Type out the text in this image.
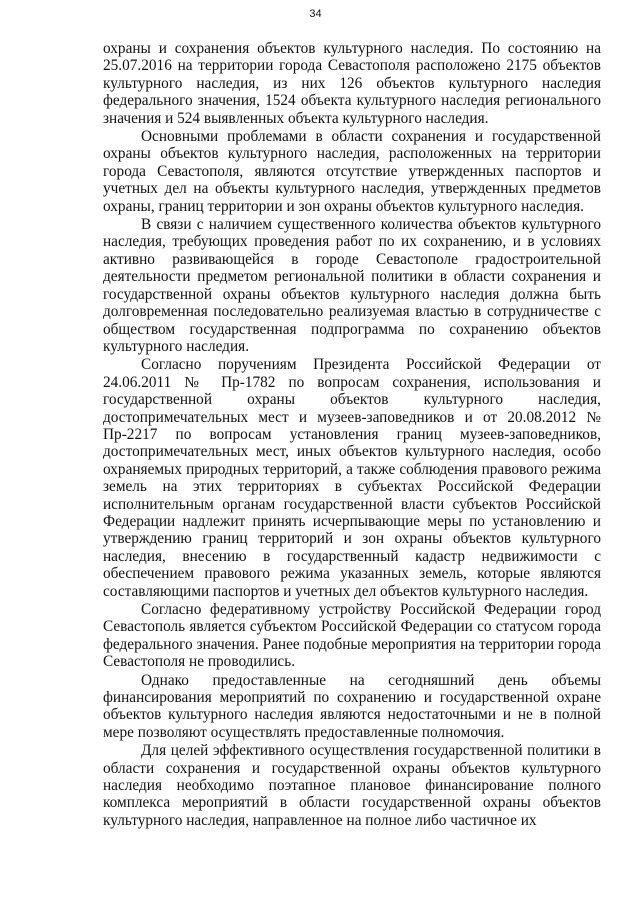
34

охраны и сохранения объектов культурного наследия. По состоянию на 25.07.2016 на территории города Севастополя расположено 2175 объектов культурного наследия, из них 126 объектов культурного наследия федерального значения, 1524 объекта культурного наследия регионального значения и 524 выявленных объекта культурного наследия.

Основными проблемами в области сохранения и государственной охраны объектов культурного наследия, расположенных на территории города Севастополя, являются отсутствие утвержденных паспортов и учетных дел на объекты культурного наследия, утвержденных предметов охраны, границ территории и зон охраны объектов культурного наследия.

В связи с наличием существенного количества объектов культурного наследия, требующих проведения работ по их сохранению, и в условиях активно развивающейся в городе Севастополе градостроительной деятельности предметом региональной политики в области сохранения и государственной охраны объектов культурного наследия должна быть долговременная последовательно реализуемая властью в сотрудничестве с обществом государственная подпрограмма по сохранению объектов культурного наследия.

Согласно поручениям Президента Российской Федерации от 24.06.2011 № Пр-1782 по вопросам сохранения, использования и государственной охраны объектов культурного наследия, достопримечательных мест и музеев-заповедников и от 20.08.2012 № Пр-2217 по вопросам установления границ музеев-заповедников, достопримечательных мест, иных объектов культурного наследия, особо охраняемых природных территорий, а также соблюдения правового режима земель на этих территориях в субъектах Российской Федерации исполнительным органам государственной власти субъектов Российской Федерации надлежит принять исчерпывающие меры по установлению и утверждению границ территорий и зон охраны объектов культурного наследия, внесению в государственный кадастр недвижимости с обеспечением правового режима указанных земель, которые являются составляющими паспортов и учетных дел объектов культурного наследия.

Согласно федеративному устройству Российской Федерации город Севастополь является субъектом Российской Федерации со статусом города федерального значения. Ранее подобные мероприятия на территории города Севастополя не проводились.

Однако предоставленные на сегодняшний день объемы финансирования мероприятий по сохранению и государственной охране объектов культурного наследия являются недостаточными и не в полной мере позволяют осуществлять предоставленные полномочия.

Для целей эффективного осуществления государственной политики в области сохранения и государственной охраны объектов культурного наследия необходимо поэтапное плановое финансирование полного комплекса мероприятий в области государственной охраны объектов культурного наследия, направленное на полное либо частичное их
